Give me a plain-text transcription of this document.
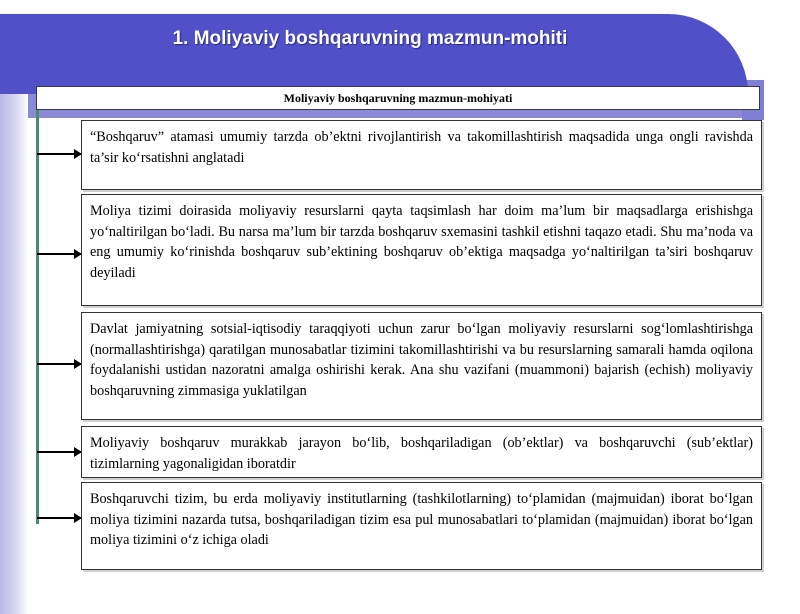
1. Moliyaviy boshqaruvning mazmun-mohiti
Moliyaviy boshqaruvning mazmun-mohiyati

“Boshqaruv” atamasi umumiy tarzda ob’ektni rivojlantirish va takomillashtirish maqsadida unga ongli ravishda ta’sir ko‘rsatishni anglatadi

Moliya tizimi doirasida moliyaviy resurslarni qayta taqsimlash har doim ma’lum bir maqsadlarga erishishga yo‘naltirilgan bo‘ladi. Bu narsa ma’lum bir tarzda boshqaruv sxemasini tashkil etishni taqazo etadi. Shu ma’noda va eng umumiy ko‘rinishda boshqaruv sub’ektining boshqaruv ob’ektiga maqsadga yo‘naltirilgan ta’siri boshqaruv deyiladi

Davlat jamiyatning sotsial-iqtisodiy taraqqiyoti uchun zarur bo‘lgan moliyaviy resurslarni sog‘lomlashtirishga (normallashtirishga) qaratilgan munosabatlar tizimini takomillashtirishi va bu resurslarning samarali hamda oqilona foydalanishi ustidan nazoratni amalga oshirishi kerak. Ana shu vazifani (muammoni) bajarish (echish) moliyaviy boshqaruvning zimmasiga yuklatilgan

Moliyaviy boshqaruv murakkab jarayon bo‘lib, boshqariladigan (ob’ektlar) va boshqaruvchi (sub’ektlar) tizimlarning yagonaligidan iboratdir

Boshqaruvchi tizim, bu erda moliyaviy institutlarning (tashkilotlarning) to‘plamidan (majmuidan) iborat bo‘lgan moliya tizimini nazarda tutsa, boshqariladigan tizim esa pul munosabatlari to‘plamidan (majmuidan) iborat bo‘lgan moliya tizimini o‘z ichiga oladi
